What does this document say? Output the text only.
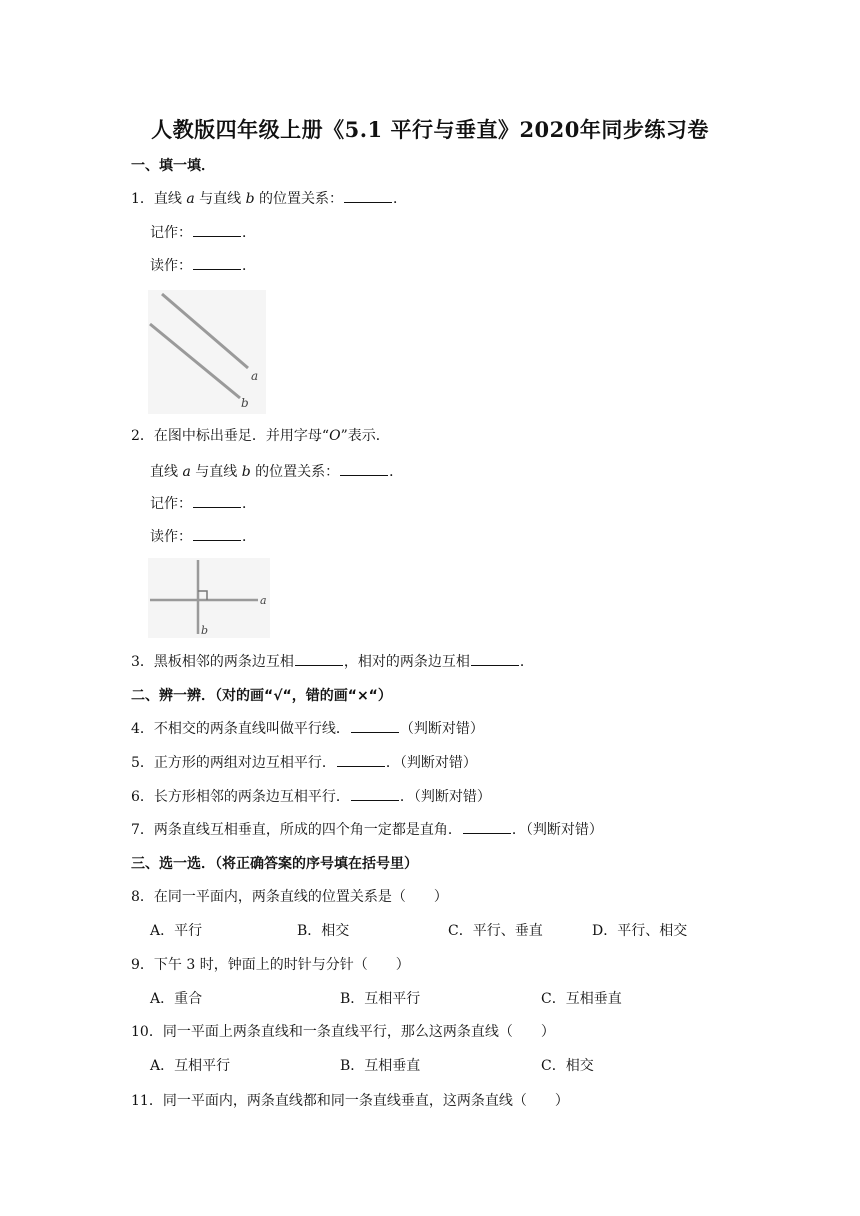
人教版四年级上册《5.1 平行与垂直》2020年同步练习卷
一、填一填．
1．直线 a 与直线 b 的位置关系：	．
记作：	．
读作：	．
a
b
2．在图中标出垂足．并用字母“O”表示．
直线 a 与直线 b 的位置关系：	．
记作：	．
读作：	．
a
b
3．黑板相邻的两条边互相	，相对的两条边互相	．
二、辨一辨．（对的画“√“，错的画“×“）
4．不相交的两条直线叫做平行线．	（判断对错）
5．正方形的两组对边互相平行．	．（判断对错）
6．长方形相邻的两条边互相平行．	．（判断对错）
7．两条直线互相垂直，所成的四个角一定都是直角．	．（判断对错）
三、选一选．（将正确答案的序号填在括号里）
8．在同一平面内，两条直线的位置关系是（　　）
A．平行	B．相交	C．平行、垂直	D．平行、相交
9．下午 3 时，钟面上的时针与分针（　　）
A．重合	B．互相平行	C．互相垂直
10．同一平面上两条直线和一条直线平行，那么这两条直线（　　）
A．互相平行	B．互相垂直	C．相交
11．同一平面内，两条直线都和同一条直线垂直，这两条直线（　　）
